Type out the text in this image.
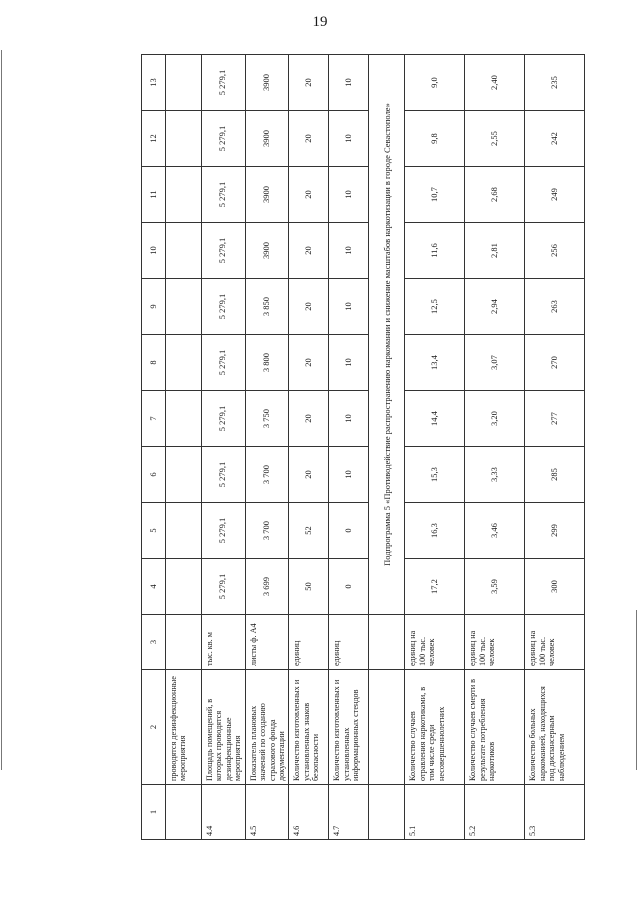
19
1	2	3	4	5	6	7	8	9	10	11	12	13
	проводятся дезинфекционные мероприятия											
4.4	Площадь помещений, в которых проводятся дезинфекционные мероприятия	тыс. кв. м	5 279,1	5 279,1	5 279,1	5 279,1	5 279,1	5 279,1	5 279,1	5 279,1	5 279,1	5 279,1
4.5	Показатель плановых значений по созданию страхового фонда документации	листы ф. А4	3 699	3 700	3 700	3 750	3 800	3 850	3900	3900	3900	3900
4.6	Количество изготовленных и установленных знаков безопасности	единиц	50	52	20	20	20	20	20	20	20	20
4.7	Количество изготовленных и установленных информационных стендов	единиц	0	0	10	10	10	10	10	10	10	10
			Подпрограмма 5 «Противодействие распространению наркомании и снижение масштабов наркотизации в городе Севастополе»									
5.1	Количество случаев отравления наркотиками, в том числе среди несовершеннолетних	единиц на 100 тыс. человек	17,2	16,3	15,3	14,4	13,4	12,5	11,6	10,7	9,8	9,0
5.2	Количество случаев смерти в результате потребления наркотиков	единиц на 100 тыс. человек	3,59	3,46	3,33	3,20	3,07	2,94	2,81	2,68	2,55	2,40
5.3	Количество больных наркоманией, находящихся под диспансерным наблюдением	единиц на 100 тыс. человек	300	299	285	277	270	263	256	249	242	235
